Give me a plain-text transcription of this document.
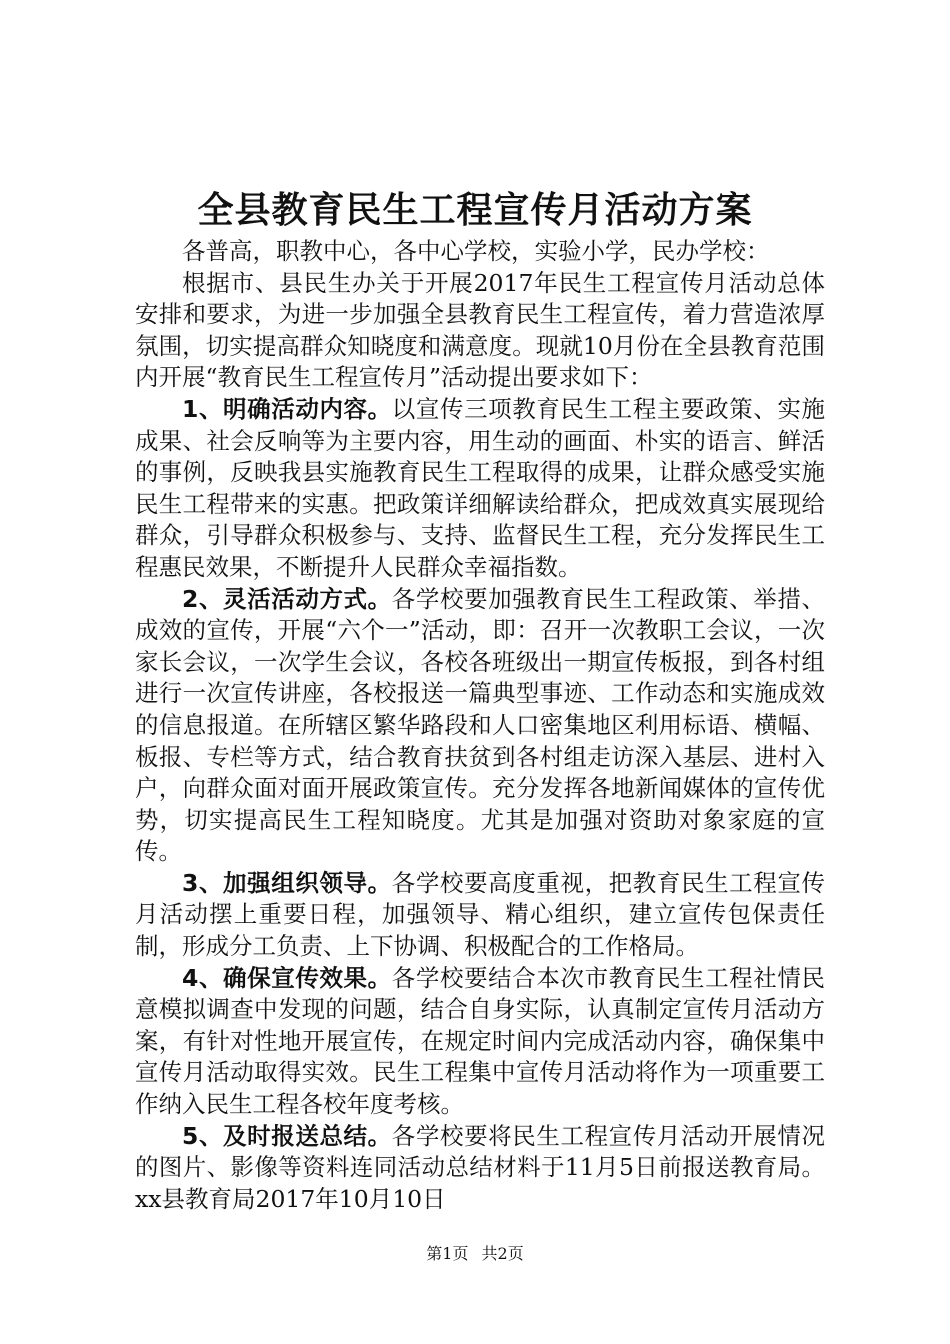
全县教育民生工程宣传月活动方案

各普高，职教中心，各中心学校，实验小学，民办学校：

根据市、县民生办关于开展2017年民生工程宣传月活动总体安排和要求，为进一步加强全县教育民生工程宣传，着力营造浓厚氛围，切实提高群众知晓度和满意度。现就10月份在全县教育范围内开展“教育民生工程宣传月”活动提出要求如下：

1、明确活动内容。以宣传三项教育民生工程主要政策、实施成果、社会反响等为主要内容，用生动的画面、朴实的语言、鲜活的事例，反映我县实施教育民生工程取得的成果，让群众感受实施民生工程带来的实惠。把政策详细解读给群众，把成效真实展现给群众，引导群众积极参与、支持、监督民生工程，充分发挥民生工程惠民效果，不断提升人民群众幸福指数。

2、灵活活动方式。各学校要加强教育民生工程政策、举措、成效的宣传，开展“六个一”活动，即：召开一次教职工会议，一次家长会议，一次学生会议，各校各班级出一期宣传板报，到各村组进行一次宣传讲座，各校报送一篇典型事迹、工作动态和实施成效的信息报道。在所辖区繁华路段和人口密集地区利用标语、横幅、板报、专栏等方式，结合教育扶贫到各村组走访深入基层、进村入户，向群众面对面开展政策宣传。充分发挥各地新闻媒体的宣传优势，切实提高民生工程知晓度。尤其是加强对资助对象家庭的宣传。

3、加强组织领导。各学校要高度重视，把教育民生工程宣传月活动摆上重要日程，加强领导、精心组织，建立宣传包保责任制，形成分工负责、上下协调、积极配合的工作格局。

4、确保宣传效果。各学校要结合本次市教育民生工程社情民意模拟调查中发现的问题，结合自身实际，认真制定宣传月活动方案，有针对性地开展宣传，在规定时间内完成活动内容，确保集中宣传月活动取得实效。民生工程集中宣传月活动将作为一项重要工作纳入民生工程各校年度考核。

5、及时报送总结。各学校要将民生工程宣传月活动开展情况的图片、影像等资料连同活动总结材料于11月5日前报送教育局。xx县教育局2017年10月10日

第1页 共2页
